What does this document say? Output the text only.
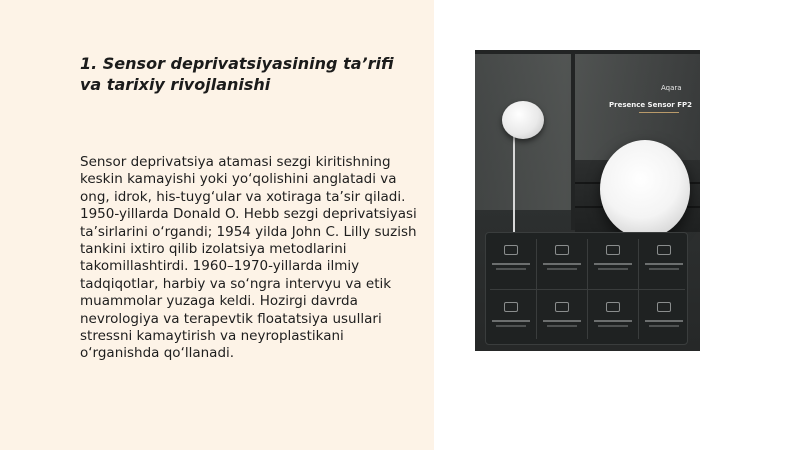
1. Sensor deprivatsiyasining ta’rifi va tarixiy rivojlanishi
Sensor deprivatsiya atamasi sezgi kiritishning keskin kamayishi yoki yo‘qolishini anglatadi va ong, idrok, his-tuyg‘ular va xotiraga ta’sir qiladi. 1950-yillarda Donald O. Hebb sezgi deprivatsiyasi ta’sirlarini o‘rgandi; 1954 yilda John C. Lilly suzish tankini ixtiro qilib izolatsiya metodlarini takomillashtirdi. 1960–1970-yillarda ilmiy tadqiqotlar, harbiy va so‘ngra intervyu va etik muammolar yuzaga keldi. Hozirgi davrda nevrologiya va terapevtik floatatsiya usullari stressni kamaytirish va neyroplastikani o‘rganishda qo‘llanadi.
Aqara
Presence Sensor FP2
